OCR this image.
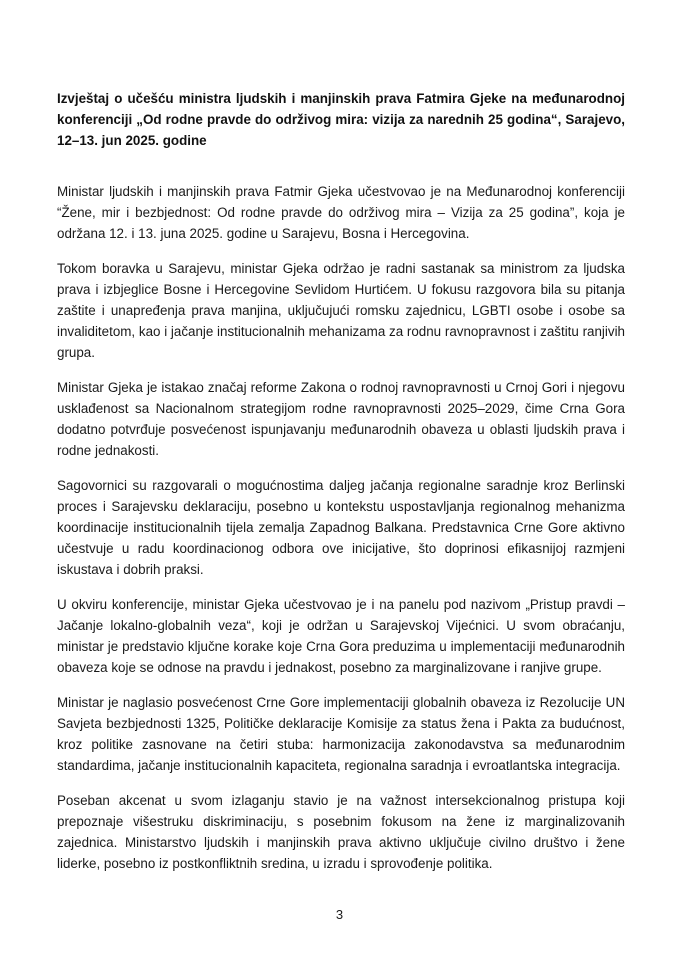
Izvještaj o učešću ministra ljudskih i manjinskih prava Fatmira Gjeke na međunarodnoj konferenciji „Od rodne pravde do održivog mira: vizija za narednih 25 godina“, Sarajevo, 12–13. jun 2025. godine

Ministar ljudskih i manjinskih prava Fatmir Gjeka učestvovao je na Međunarodnoj konferenciji “Žene, mir i bezbjednost: Od rodne pravde do održivog mira – Vizija za 25 godina”, koja je održana 12. i 13. juna 2025. godine u Sarajevu, Bosna i Hercegovina.

Tokom boravka u Sarajevu, ministar Gjeka održao je radni sastanak sa ministrom za ljudska prava i izbjeglice Bosne i Hercegovine Sevlidom Hurtićem. U fokusu razgovora bila su pitanja zaštite i unapređenja prava manjina, uključujući romsku zajednicu, LGBTI osobe i osobe sa invaliditetom, kao i jačanje institucionalnih mehanizama za rodnu ravnopravnost i zaštitu ranjivih grupa.

Ministar Gjeka je istakao značaj reforme Zakona o rodnoj ravnopravnosti u Crnoj Gori i njegovu usklađenost sa Nacionalnom strategijom rodne ravnopravnosti 2025–2029, čime Crna Gora dodatno potvrđuje posvećenost ispunjavanju međunarodnih obaveza u oblasti ljudskih prava i rodne jednakosti.

Sagovornici su razgovarali o mogućnostima daljeg jačanja regionalne saradnje kroz Berlinski proces i Sarajevsku deklaraciju, posebno u kontekstu uspostavljanja regionalnog mehanizma koordinacije institucionalnih tijela zemalja Zapadnog Balkana. Predstavnica Crne Gore aktivno učestvuje u radu koordinacionog odbora ove inicijative, što doprinosi efikasnijoj razmjeni iskustava i dobrih praksi.

U okviru konferencije, ministar Gjeka učestvovao je i na panelu pod nazivom „Pristup pravdi – Jačanje lokalno-globalnih veza“, koji je održan u Sarajevskoj Vijećnici. U svom obraćanju, ministar je predstavio ključne korake koje Crna Gora preduzima u implementaciji međunarodnih obaveza koje se odnose na pravdu i jednakost, posebno za marginalizovane i ranjive grupe.

Ministar je naglasio posvećenost Crne Gore implementaciji globalnih obaveza iz Rezolucije UN Savjeta bezbjednosti 1325, Političke deklaracije Komisije za status žena i Pakta za budućnost, kroz politike zasnovane na četiri stuba: harmonizacija zakonodavstva sa međunarodnim standardima, jačanje institucionalnih kapaciteta, regionalna saradnja i evroatlantska integracija.

Poseban akcenat u svom izlaganju stavio je na važnost intersekcionalnog pristupa koji prepoznaje višestruku diskriminaciju, s posebnim fokusom na žene iz marginalizovanih zajednica. Ministarstvo ljudskih i manjinskih prava aktivno uključuje civilno društvo i žene liderke, posebno iz postkonfliktnih sredina, u izradu i sprovođenje politika.

3
